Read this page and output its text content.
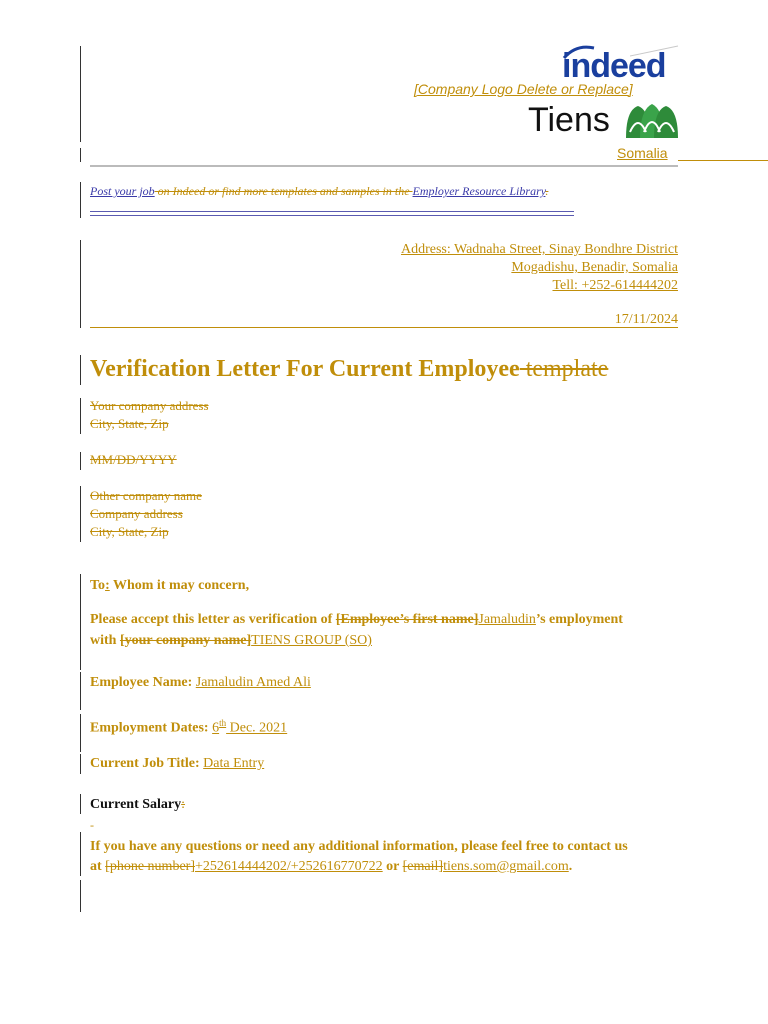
indeed
[Company Logo Delete or Replace]
Tiens
Somalia
Post your job on Indeed or find more templates and samples in the Employer Resource Library.
Address: Wadnaha Street, Sinay Bondhre District
Mogadishu, Benadir, Somalia
Tell: +252-614444202
17/11/2024
Verification Letter For Current Employee template
Your company address
City, State, Zip
MM/DD/YYYY
Other company name
Company address
City, State, Zip
To: Whom it may concern,
Please accept this letter as verification of [Employee’s first name]Jamaludin’s employment
with [your company name]TIENS GROUP (SO)
Employee Name: Jamaludin Amed Ali
Employment Dates: 6th Dec. 2021
Current Job Title: Data Entry
Current Salary:
-
If you have any questions or need any additional information, please feel free to contact us
at [phone number]+252614444202/+252616770722 or [email]tiens.som@gmail.com.
